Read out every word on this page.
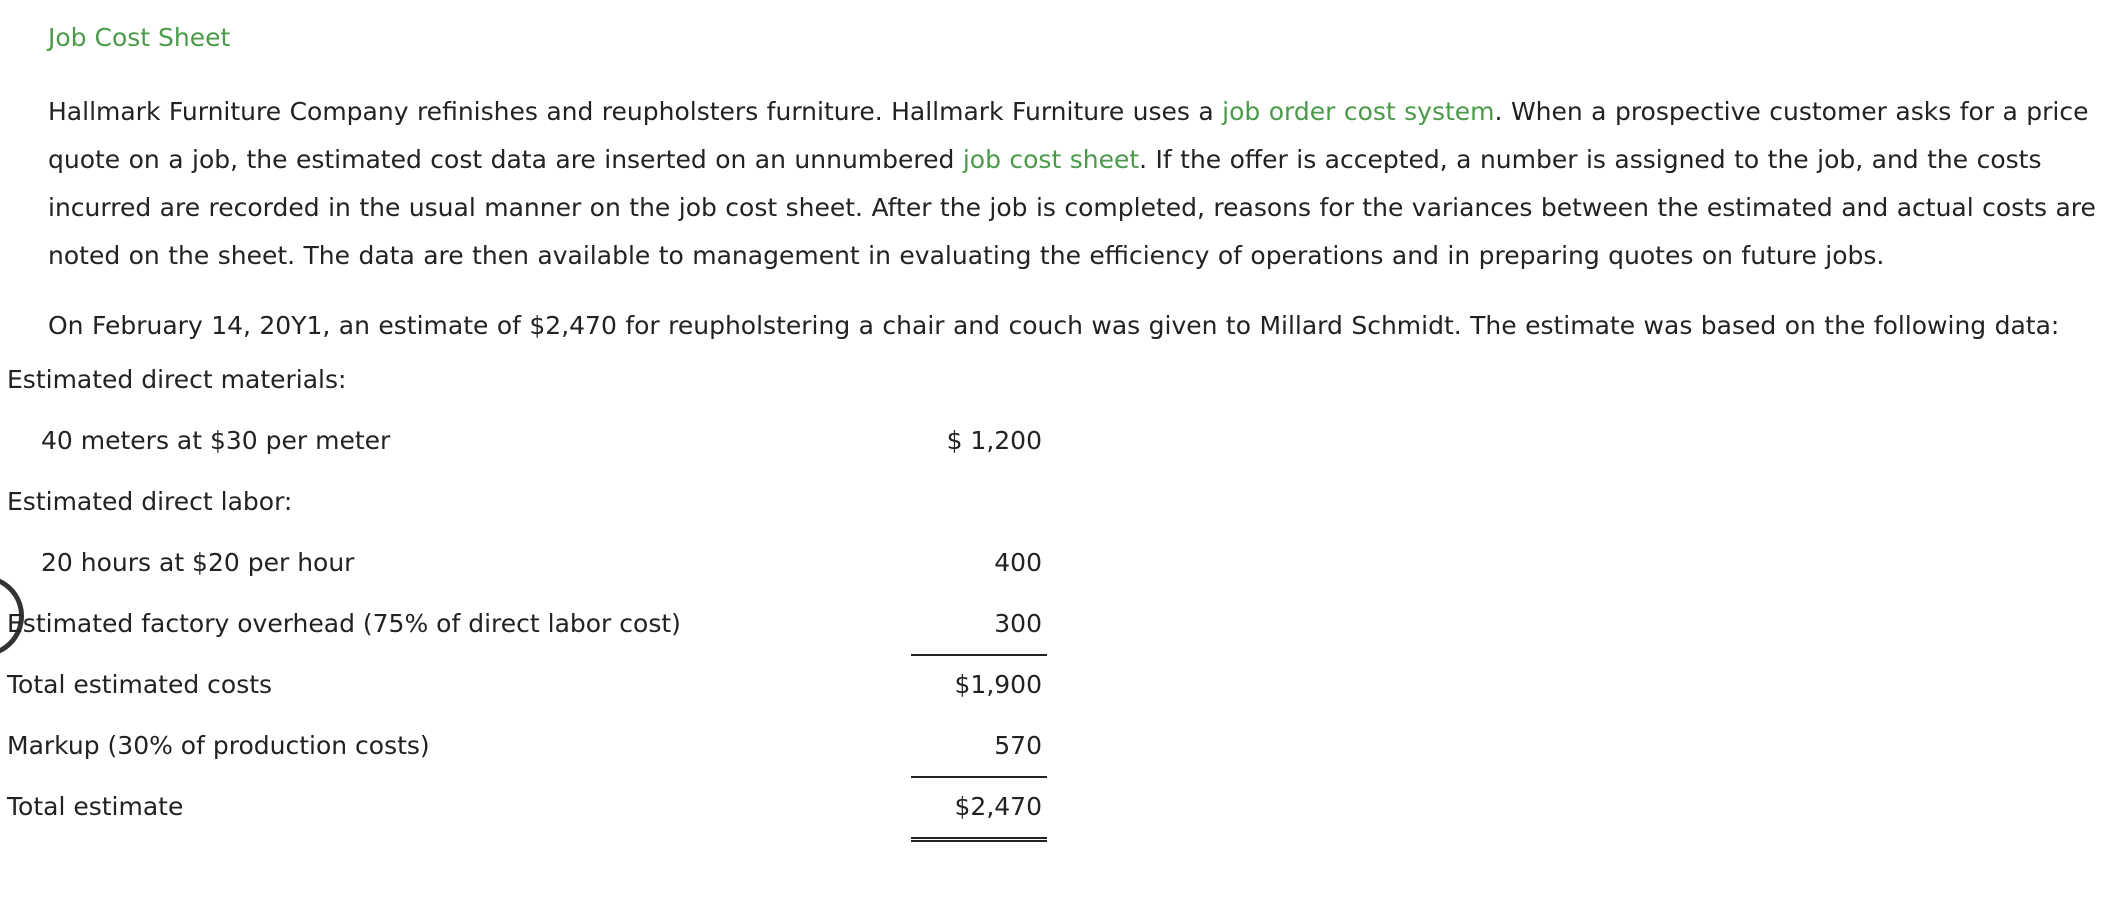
Job Cost Sheet

Hallmark Furniture Company refinishes and reupholsters furniture. Hallmark Furniture uses a job order cost system. When a prospective customer asks for a price quote on a job, the estimated cost data are inserted on an unnumbered job cost sheet. If the offer is accepted, a number is assigned to the job, and the costs incurred are recorded in the usual manner on the job cost sheet. After the job is completed, reasons for the variances between the estimated and actual costs are noted on the sheet. The data are then available to management in evaluating the efficiency of operations and in preparing quotes on future jobs.

On February 14, 20Y1, an estimate of $2,470 for reupholstering a chair and couch was given to Millard Schmidt. The estimate was based on the following data:

Estimated direct materials:
40 meters at $30 per meter	$ 1,200
Estimated direct labor:
20 hours at $20 per hour	400
Estimated factory overhead (75% of direct labor cost)	300
Total estimated costs	$1,900
Markup (30% of production costs)	570
Total estimate	$2,470
